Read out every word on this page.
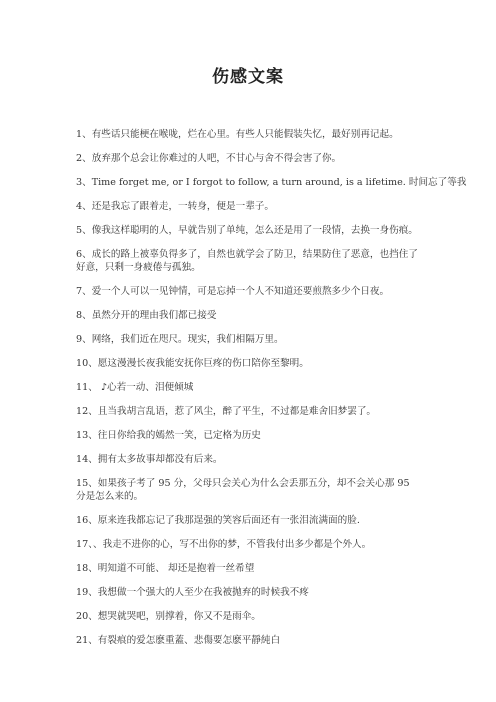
伤感文案

1、有些话只能梗在喉咙，烂在心里。有些人只能假装失忆，最好别再记起。

2、放弃那个总会让你难过的人吧，不甘心与舍不得会害了你。

3、Time forget me, or I forgot to follow, a turn around, is a lifetime. 时间忘了等我

4、还是我忘了跟着走，一转身，便是一辈子。

5、像我这样聪明的人，早就告别了单纯，怎么还是用了一段情，去换一身伤痕。

6、成长的路上被辜负得多了，自然也就学会了防卫，结果防住了恶意，也挡住了好意，只剩一身疲倦与孤独。

7、爱一个人可以一见钟情，可是忘掉一个人不知道还要煎熬多少个日夜。

8、虽然分开的理由我们都已接受

9、网络，我们近在咫尺。现实，我们相隔万里。

10、愿这漫漫长夜我能安抚你巨疼的伤口陪你至黎明。

11、 ♪心若一动、泪便倾城

12、且当我胡言乱语，惹了风尘，醉了平生，不过都是难舍旧梦罢了。

13、往日你给我的嫣然一笑，已定格为历史

14、拥有太多故事却都没有后来。

15、如果孩子考了 95 分，父母只会关心为什么会丢那五分，却不会关心那 95 分是怎么来的。

16、原来连我都忘记了我那逞强的笑容后面还有一张泪流满面的脸.

17、、我走不进你的心，写不出你的梦，不管我付出多少都是个外人。

18、明知道不可能、 却还是抱着一丝希望

19、我想做一个强大的人至少在我被抛弃的时候我不疼

20、想哭就哭吧，别撑着，你又不是雨伞。

21、有裂痕的爱怎麽重蓋、悲傷要怎麽平靜純白
